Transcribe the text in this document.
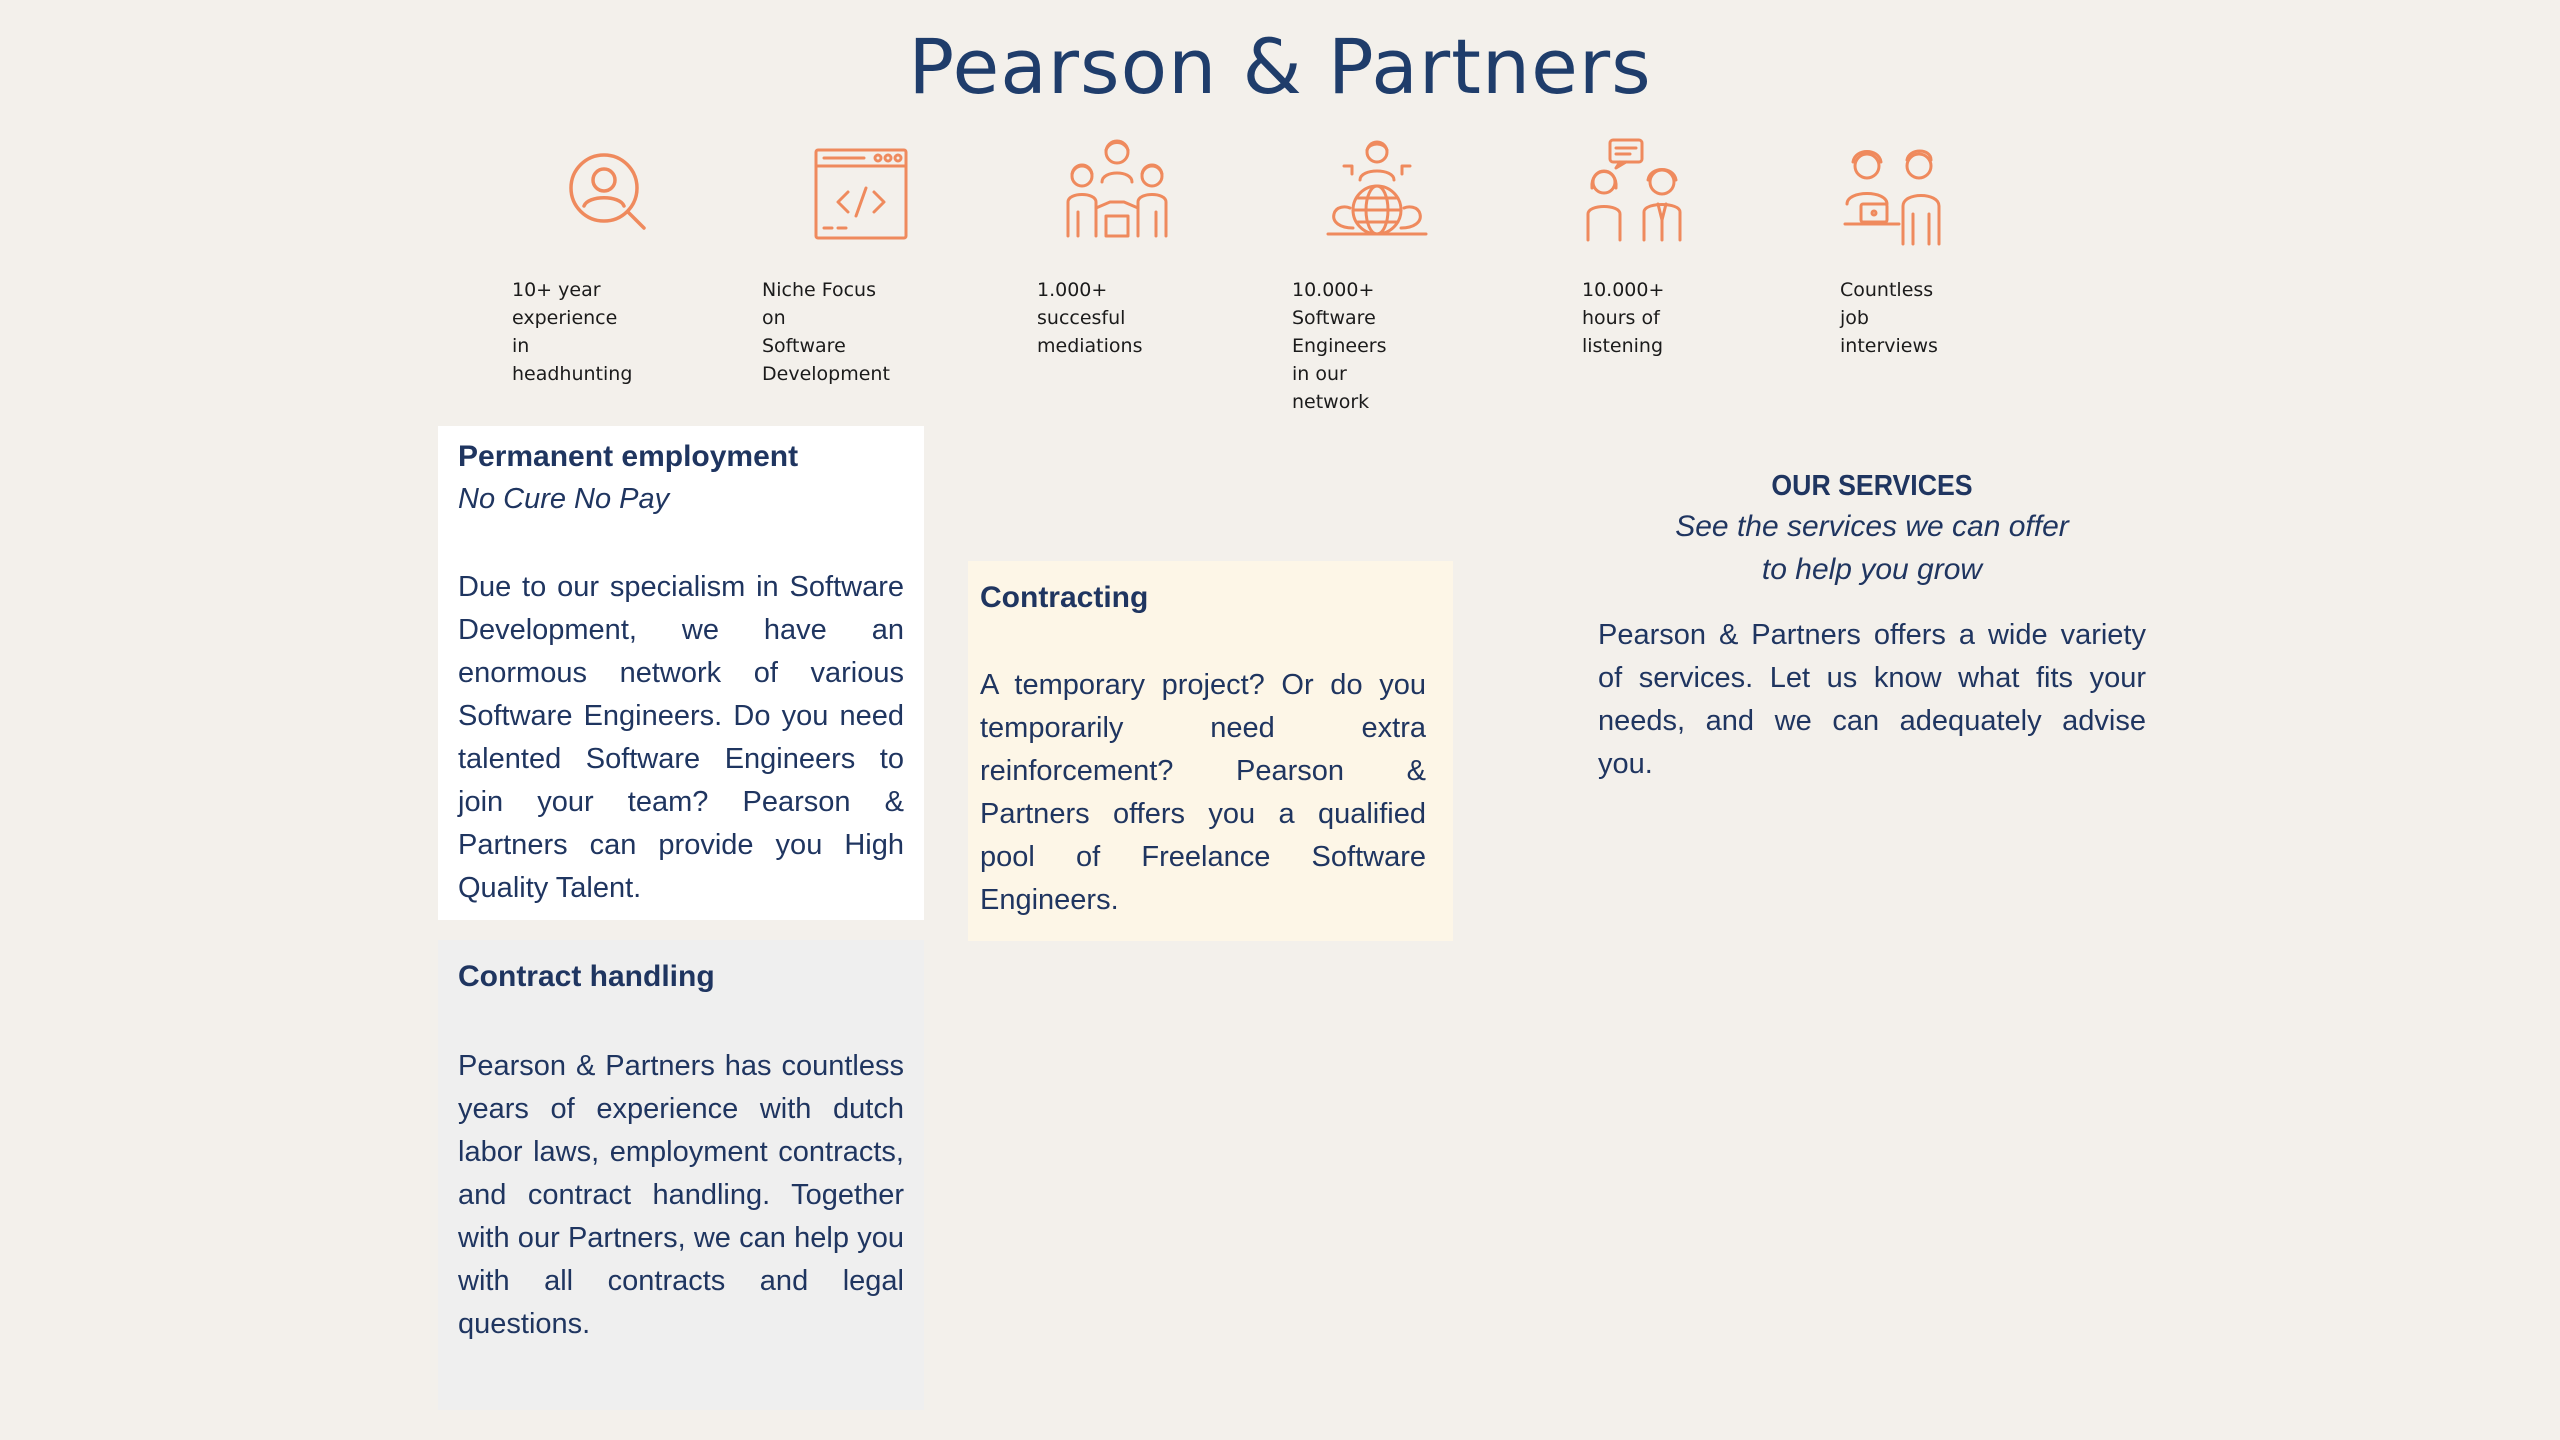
Pearson & Partners
10+ year experience
in headhunting
Niche Focus on
Software Development
1.000+ succesful
mediations
10.000+ Software
Engineers in our
network
10.000+ hours of
listening
Countless job
interviews
Permanent employment
No Cure No Pay

Due to our specialism in Software Development, we have an enormous network of various Software Engineers. Do you need talented Software Engineers to join your team? Pearson & Partners can provide you High Quality Talent.

Contracting

A temporary project? Or do you temporarily need extra reinforcement? Pearson & Partners offers you a qualified pool of Freelance Software Engineers.

Contract handling

Pearson & Partners has countless years of experience with dutch labor laws, employment contracts, and contract handling. Together with our Partners, we can help you with all contracts and legal questions.

OUR SERVICES
See the services we can offer
to help you grow
Pearson & Partners offers a wide variety of services. Let us know what fits your needs, and we can adequately advise you.
